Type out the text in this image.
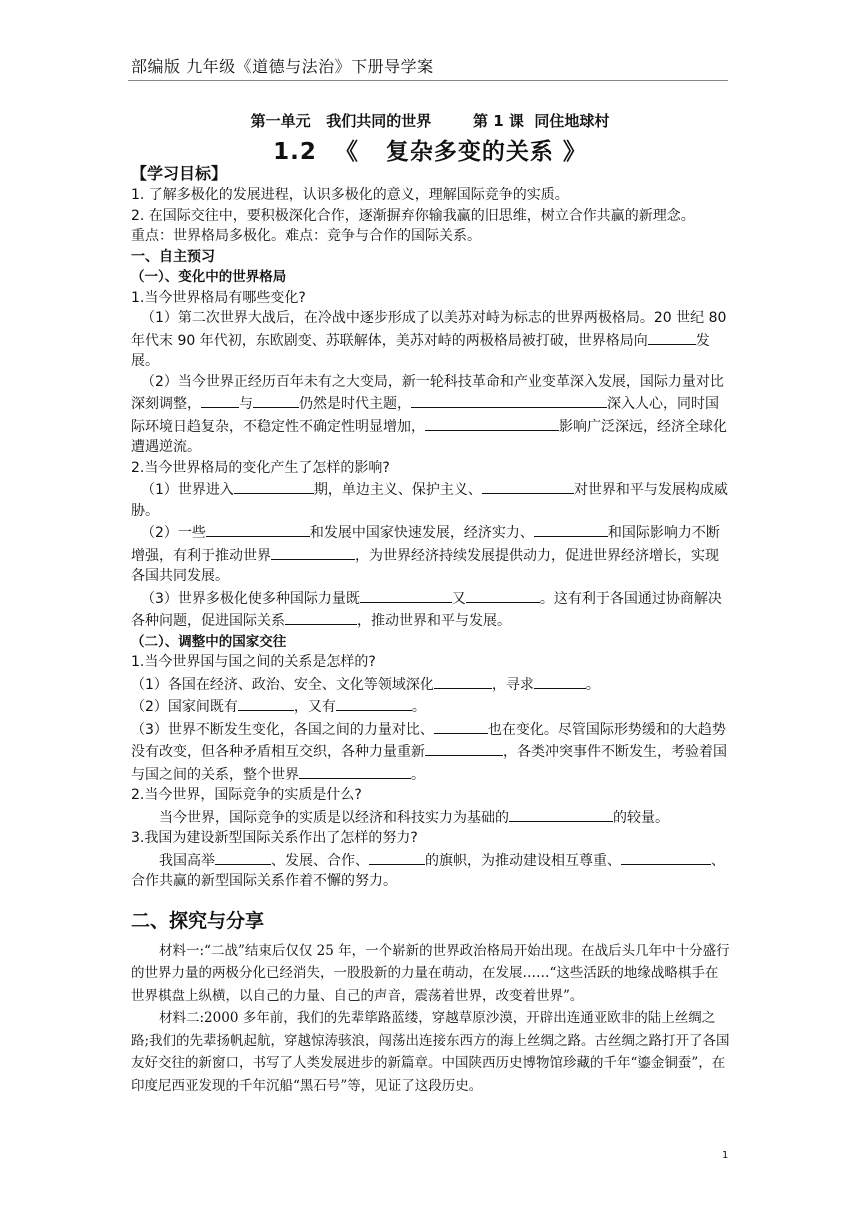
部编版 九年级《道德与法治》下册导学案
第一单元   我们共同的世界        第 1 课  同住地球村
1.2  《   复杂多变的关系 》

【学习目标】

1. 了解多极化的发展进程，认识多极化的意义，理解国际竞争的实质。

2. 在国际交往中，要积极深化合作，逐渐摒弃你输我赢的旧思维，树立合作共赢的新理念。

重点：世界格局多极化。难点：竞争与合作的国际关系。

一、自主预习

（一）、变化中的世界格局

1.当今世界格局有哪些变化?

（1）第二次世界大战后，在冷战中逐步形成了以美苏对峙为标志的世界两极格局。20 世纪 80 年代末 90 年代初，东欧剧变、苏联解体，美苏对峙的两极格局被打破，世界格局向	发展。

（2）当今世界正经历百年未有之大变局，新一轮科技革命和产业变革深入发展，国际力量对比深刻调整，	与	仍然是时代主题，	深入人心，同时国际环境日趋复杂，不稳定性不确定性明显增加，	影响广泛深远，经济全球化遭遇逆流。

2.当今世界格局的变化产生了怎样的影响?

（1）世界进入	期，单边主义、保护主义、	对世界和平与发展构成威胁。

（2）一些	和发展中国家快速发展，经济实力、	和国际影响力不断增强，有利于推动世界	，为世界经济持续发展提供动力，促进世界经济增长，实现各国共同发展。

（3）世界多极化使多种国际力量既	又	。这有利于各国通过协商解决各种问题，促进国际关系	，推动世界和平与发展。

（二）、调整中的国家交往

1.当今世界国与国之间的关系是怎样的?

（1）各国在经济、政治、安全、文化等领域深化	，寻求	。

（2）国家间既有	，又有	。

（3）世界不断发生变化，各国之间的力量对比、	也在变化。尽管国际形势缓和的大趋势没有改变，但各种矛盾相互交织，各种力量重新	，各类冲突事件不断发生，考验着国与国之间的关系，整个世界	。

2.当今世界，国际竞争的实质是什么?

当今世界，国际竞争的实质是以经济和科技实力为基础的	的较量。

3.我国为建设新型国际关系作出了怎样的努力?

我国高举	、发展、合作、	的旗帜，为推动建设相互尊重、	、合作共赢的新型国际关系作着不懈的努力。

二、探究与分享

材料一:“二战”结束后仅仅 25 年，一个崭新的世界政治格局开始出现。在战后头几年中十分盛行的世界力量的两极分化已经消失，一股股新的力量在萌动，在发展……“这些活跃的地缘战略棋手在世界棋盘上纵横，以自己的力量、自己的声音，震荡着世界，改变着世界”。

材料二:2000 多年前，我们的先辈筚路蓝缕，穿越草原沙漠，开辟出连通亚欧非的陆上丝绸之路;我们的先辈扬帆起航，穿越惊涛骇浪，闯荡出连接东西方的海上丝绸之路。古丝绸之路打开了各国友好交往的新窗口，书写了人类发展进步的新篇章。中国陕西历史博物馆珍藏的千年“鎏金铜蚕”，在印度尼西亚发现的千年沉船“黑石号”等，见证了这段历史。

1
